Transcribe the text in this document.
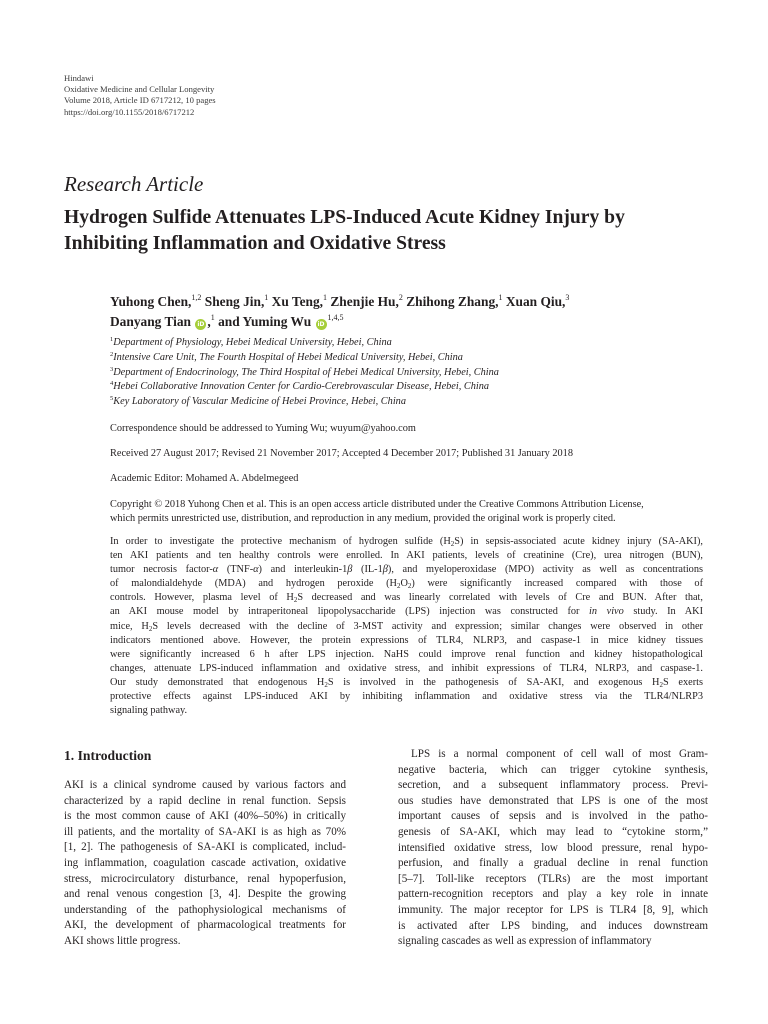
Hindawi
Oxidative Medicine and Cellular Longevity
Volume 2018, Article ID 6717212, 10 pages
https://doi.org/10.1155/2018/6717212
Research Article
Hydrogen Sulfide Attenuates LPS-Induced Acute Kidney Injury by
Inhibiting Inflammation and Oxidative Stress
Yuhong Chen,$^{1,2}$ Sheng Jin,$^1$ Xu Teng,$^1$ Zhenjie Hu,$^2$ Zhihong Zhang,$^1$ Xuan Qiu,$^3$
Danyang Tian iD ,$^1$ and Yuming Wu iD$^{1,4,5}$
$^1$Department of Physiology, Hebei Medical University, Hebei, China
$^2$Intensive Care Unit, The Fourth Hospital of Hebei Medical University, Hebei, China
$^3$Department of Endocrinology, The Third Hospital of Hebei Medical University, Hebei, China
$^4$Hebei Collaborative Innovation Center for Cardio-Cerebrovascular Disease, Hebei, China
$^5$Key Laboratory of Vascular Medicine of Hebei Province, Hebei, China
Correspondence should be addressed to Yuming Wu; wuyum@yahoo.com
Received 27 August 2017; Revised 21 November 2017; Accepted 4 December 2017; Published 31 January 2018
Academic Editor: Mohamed A. Abdelmegeed
Copyright © 2018 Yuhong Chen et al. This is an open access article distributed under the Creative Commons Attribution License,
which permits unrestricted use, distribution, and reproduction in any medium, provided the original work is properly cited.
In order to investigate the protective mechanism of hydrogen sulfide $(H_2S)$ in sepsis-associated acute kidney injury (SA-AKI),
ten AKI patients and ten healthy controls were enrolled. In AKI patients, levels of creatinine (Cre), urea nitrogen (BUN),
tumor necrosis factor-α (TNF-α) and interleukin-1β (IL-1β), and myeloperoxidase (MPO) activity as well as concentrations
of malondialdehyde (MDA) and hydrogen peroxide $(H_2O_2)$ were significantly increased compared with those of
controls. However, plasma level of $H_2S$ decreased and was linearly correlated with levels of Cre and BUN. After that,
an AKI mouse model by intraperitoneal lipopolysaccharide (LPS) injection was constructed for in vivo study. In AKI
mice, $H_2S$ levels decreased with the decline of 3-MST activity and expression; similar changes were observed in other
indicators mentioned above. However, the protein expressions of TLR4, NLRP3, and caspase-1 in mice kidney tissues
were significantly increased 6 h after LPS injection. NaHS could improve renal function and kidney histopathological
changes, attenuate LPS-induced inflammation and oxidative stress, and inhibit expressions of TLR4, NLRP3, and caspase-1.
Our study demonstrated that endogenous $H_2S$ is involved in the pathogenesis of SA-AKI, and exogenous $H_2S$ exerts
protective effects against LPS-induced AKI by inhibiting inflammation and oxidative stress via the TLR4/NLRP3
signaling pathway.
1. Introduction
AKI is a clinical syndrome caused by various factors and
characterized by a rapid decline in renal function. Sepsis
is the most common cause of AKI (40%–50%) in critically
ill patients, and the mortality of SA-AKI is as high as 70%
[1, 2]. The pathogenesis of SA-AKI is complicated, includ-
ing inflammation, coagulation cascade activation, oxidative
stress, microcirculatory disturbance, renal hypoperfusion,
and renal venous congestion [3, 4]. Despite the growing
understanding of the pathophysiological mechanisms of
AKI, the development of pharmacological treatments for
AKI shows little progress.
LPS is a normal component of cell wall of most Gram-
negative bacteria, which can trigger cytokine synthesis,
secretion, and a subsequent inflammatory process. Previ-
ous studies have demonstrated that LPS is one of the most
important causes of sepsis and is involved in the patho-
genesis of SA-AKI, which may lead to “cytokine storm,”
intensified oxidative stress, low blood pressure, renal hypo-
perfusion, and finally a gradual decline in renal function
[5–7]. Toll-like receptors (TLRs) are the most important
pattern-recognition receptors and play a key role in innate
immunity. The major receptor for LPS is TLR4 [8, 9], which
is activated after LPS binding, and induces downstream
signaling cascades as well as expression of inflammatory
